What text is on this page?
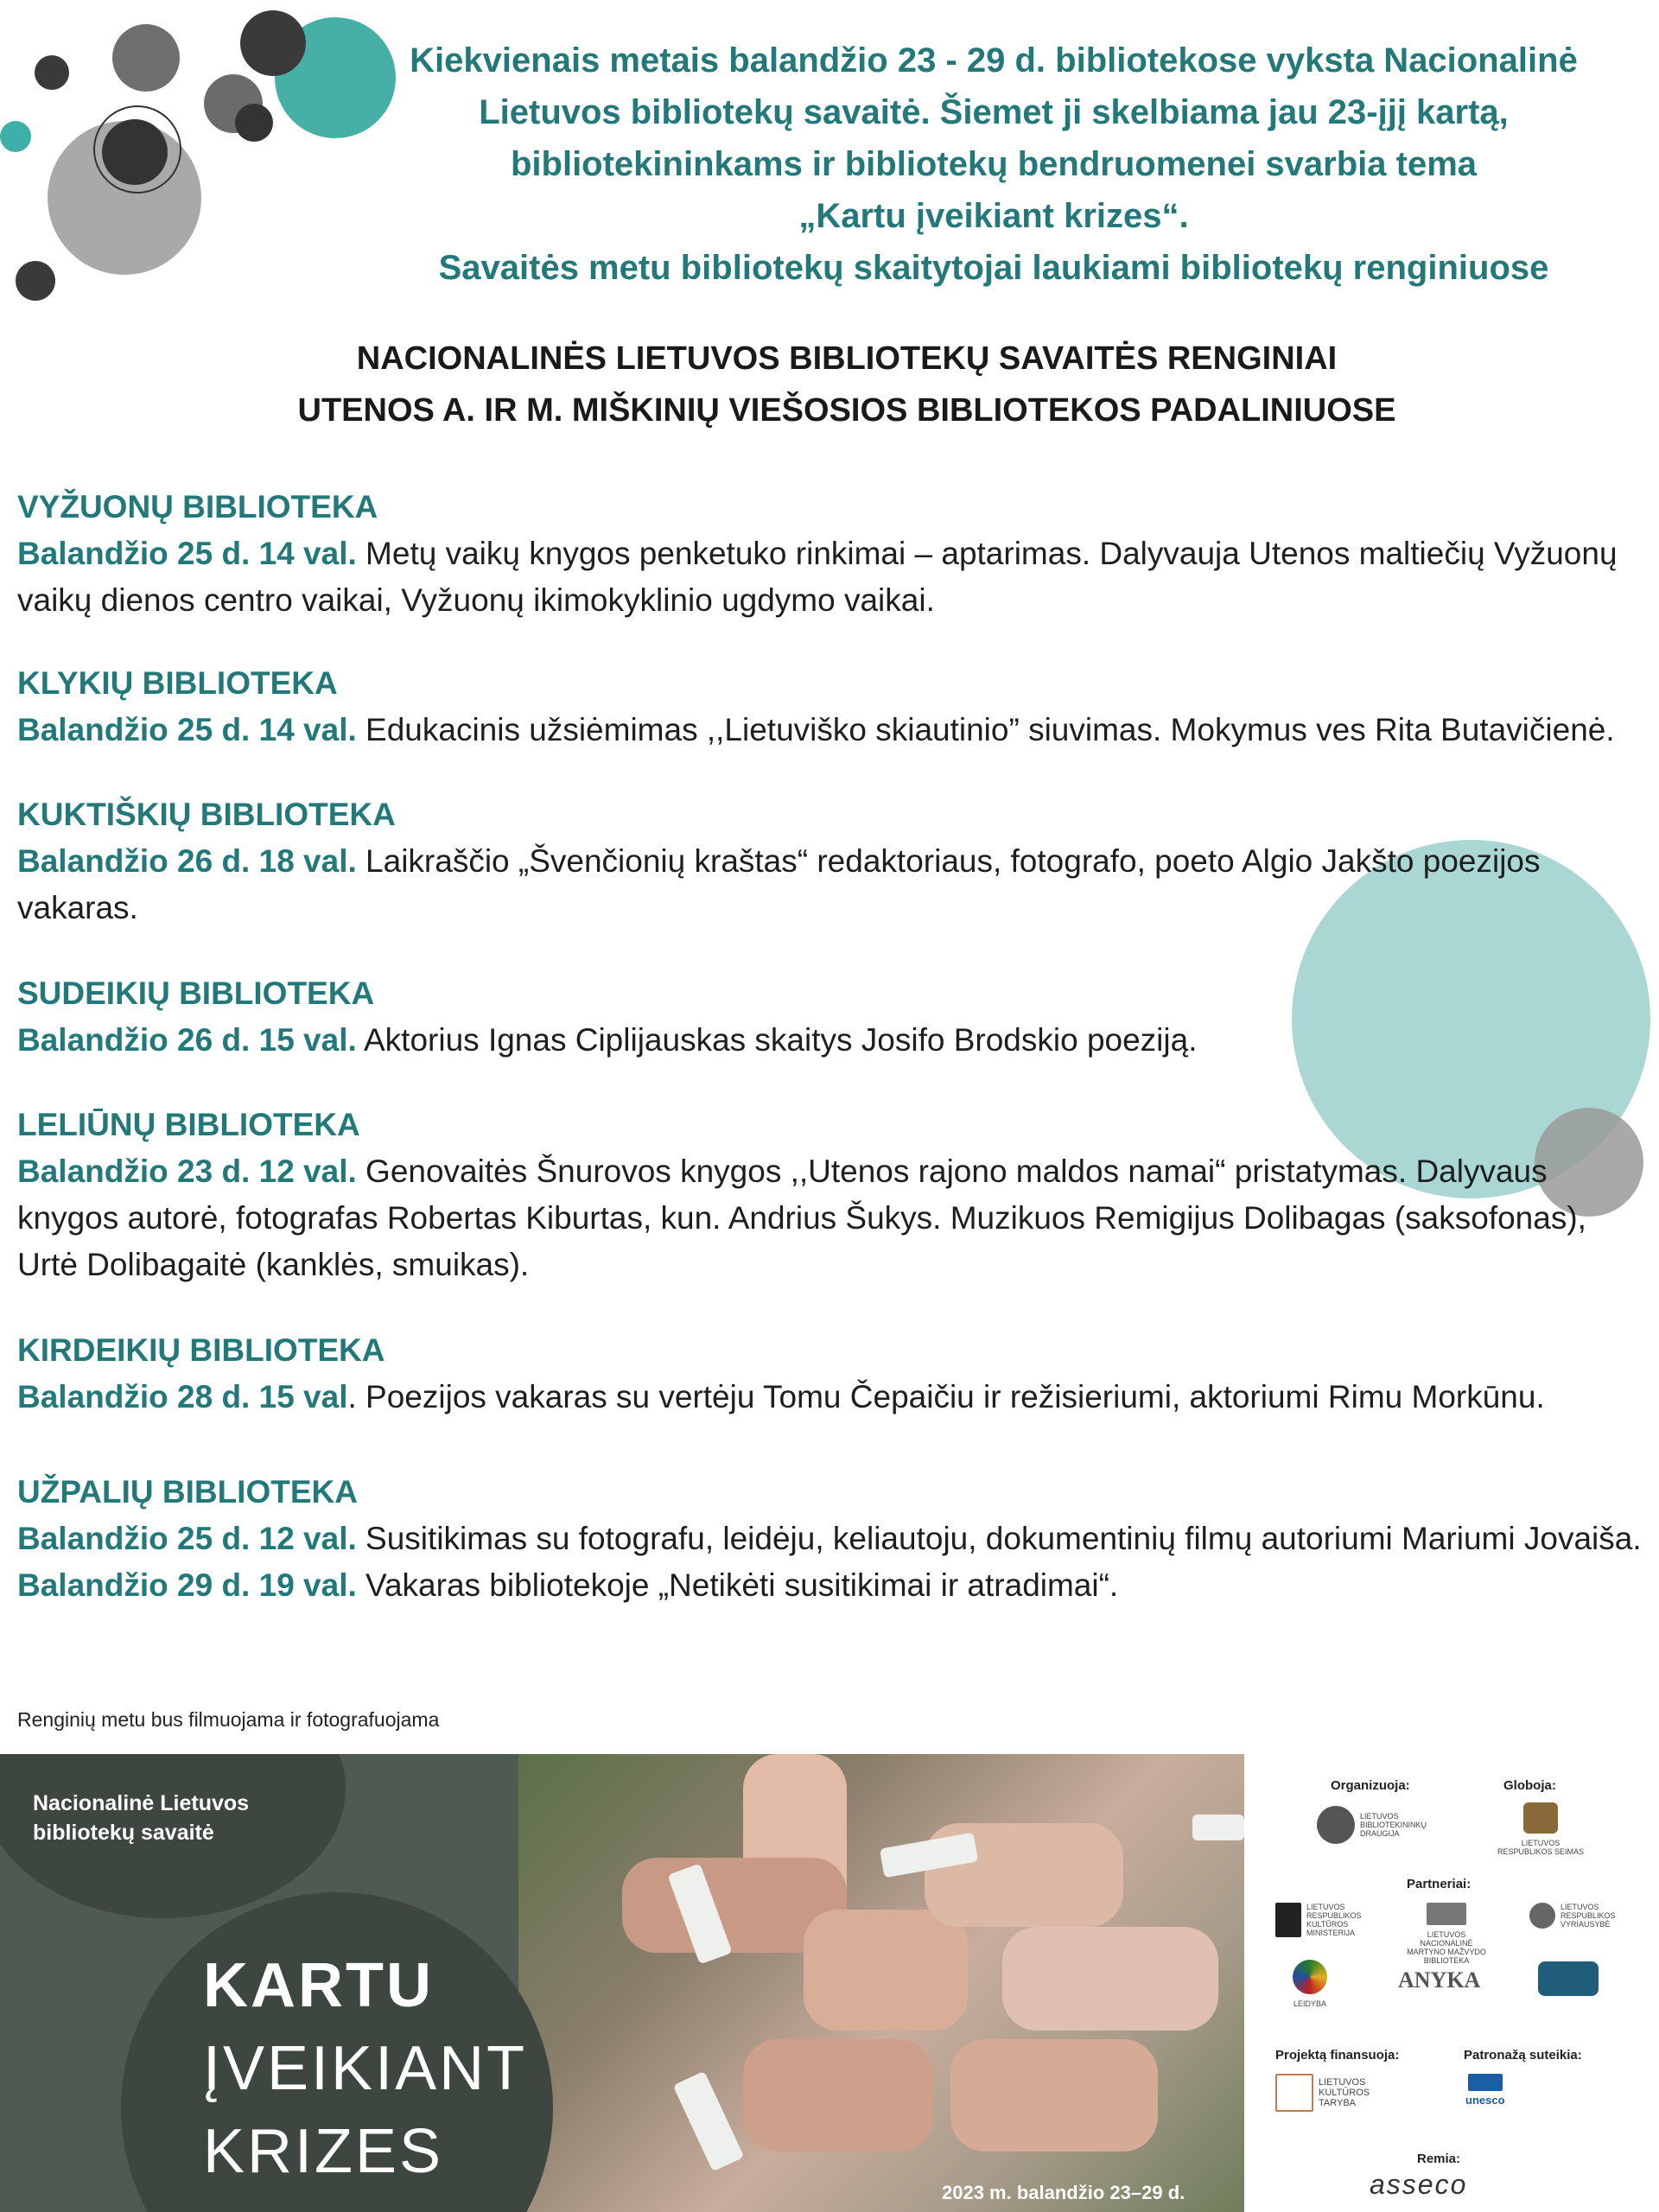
Kiekvienais metais balandžio 23 - 29 d. bibliotekose vyksta Nacionalinė
Lietuvos bibliotekų savaitė. Šiemet ji skelbiama jau 23-įjį kartą,
bibliotekininkams ir bibliotekų bendruomenei svarbia tema
„Kartu įveikiant krizes“.
Savaitės metu bibliotekų skaitytojai laukiami bibliotekų renginiuose
NACIONALINĖS LIETUVOS BIBLIOTEKŲ SAVAITĖS RENGINIAI
UTENOS A. IR M. MIŠKINIŲ VIEŠOSIOS BIBLIOTEKOS PADALINIUOSE
VYŽUONŲ BIBLIOTEKA
Balandžio 25 d. 14 val. Metų vaikų knygos penketuko rinkimai – aptarimas. Dalyvauja Utenos maltiečių Vyžuonų
vaikų dienos centro vaikai, Vyžuonų ikimokyklinio ugdymo vaikai.
KLYKIŲ BIBLIOTEKA
Balandžio 25 d. 14 val. Edukacinis užsiėmimas ,,Lietuviško skiautinio” siuvimas. Mokymus ves Rita Butavičienė.
KUKTIŠKIŲ BIBLIOTEKA
Balandžio 26 d. 18 val. Laikraščio „Švenčionių kraštas“ redaktoriaus, fotografo, poeto Algio Jakšto poezijos
vakaras.
SUDEIKIŲ BIBLIOTEKA
Balandžio 26 d. 15 val. Aktorius Ignas Ciplijauskas skaitys Josifo Brodskio poeziją.
LELIŪNŲ BIBLIOTEKA
Balandžio 23 d. 12 val. Genovaitės Šnurovos knygos ,,Utenos rajono maldos namai“ pristatymas. Dalyvaus
knygos autorė, fotografas Robertas Kiburtas, kun. Andrius Šukys. Muzikuos Remigijus Dolibagas (saksofonas),
Urtė Dolibagaitė (kanklės, smuikas).
KIRDEIKIŲ BIBLIOTEKA
Balandžio 28 d. 15 val. Poezijos vakaras su vertėju Tomu Čepaičiu ir režisieriumi, aktoriumi Rimu Morkūnu.
UŽPALIŲ BIBLIOTEKA
Balandžio 25 d. 12 val. Susitikimas su fotografu, leidėju, keliautoju, dokumentinių filmų autoriumi Mariumi Jovaiša.
Balandžio 29 d. 19 val. Vakaras bibliotekoje „Netikėti susitikimai ir atradimai“.
Renginių metu bus filmuojama ir fotografuojama
Nacionalinė Lietuvos
bibliotekų savaitė
KARTU
ĮVEIKIANT
KRIZES
2023 m. balandžio 23–29 d.
Organizuoja:	Globoja:
LIETUVOS BIBLIOTEKININKŲ DRAUGIJA
LIETUVOS RESPUBLIKOS SEIMAS
Partneriai:
LIETUVOS RESPUBLIKOS KULTŪROS MINISTERIJA	LIETUVOS NACIONALINĖ MARTYNO MAŽVYDO BIBLIOTEKA
LIETUVOS RESPUBLIKOS VYRIAUSYBĖ
LEIDYBA
ANYKA
Projektą finansuoja:	Patronažą suteikia:
LIETUVOS KULTŪROS TARYBA	unesco
Remia:
asseco
